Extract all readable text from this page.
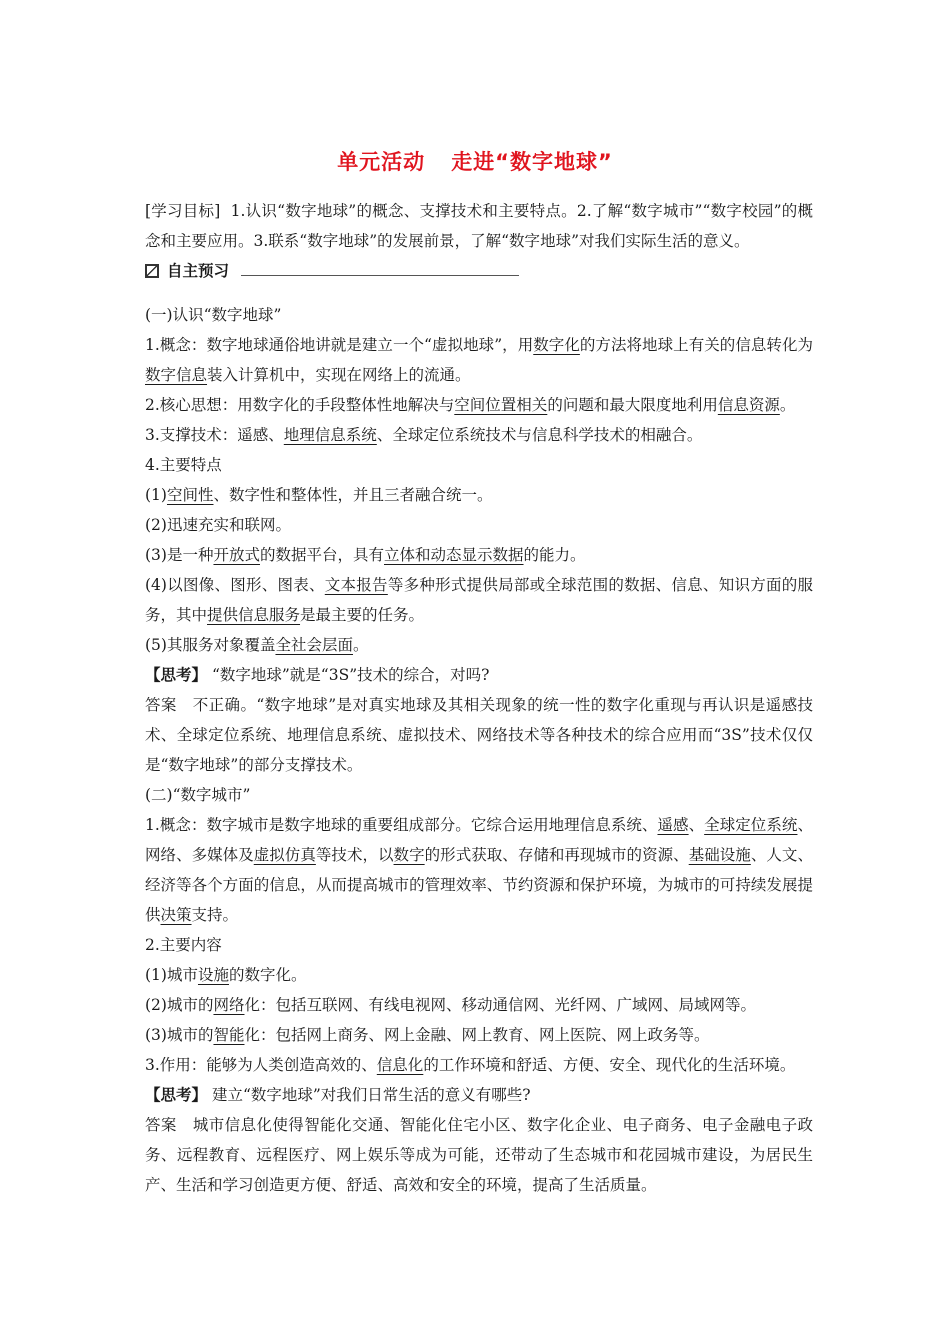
单元活动 走进“数字地球”

[学习目标] 1.认识“数字地球”的概念、支撑技术和主要特点。2.了解“数字城市”“数字校园”的概念和主要应用。3.联系“数字地球”的发展前景，了解“数字地球”对我们实际生活的意义。

自主预习

(一)认识“数字地球”

1.概念：数字地球通俗地讲就是建立一个“虚拟地球”，用数字化的方法将地球上有关的信息转化为数字信息装入计算机中，实现在网络上的流通。

2.核心思想：用数字化的手段整体性地解决与空间位置相关的问题和最大限度地利用信息资源。

3.支撑技术：遥感、地理信息系统、全球定位系统技术与信息科学技术的相融合。

4.主要特点

(1)空间性、数字性和整体性，并且三者融合统一。

(2)迅速充实和联网。

(3)是一种开放式的数据平台，具有立体和动态显示数据的能力。

(4)以图像、图形、图表、文本报告等多种形式提供局部或全球范围的数据、信息、知识方面的服务，其中提供信息服务是最主要的任务。

(5)其服务对象覆盖全社会层面。

【思考】 “数字地球”就是“3S”技术的综合，对吗?

答案 不正确。“数字地球”是对真实地球及其相关现象的统一性的数字化重现与再认识是遥感技术、全球定位系统、地理信息系统、虚拟技术、网络技术等各种技术的综合应用而“3S”技术仅仅是“数字地球”的部分支撑技术。

(二)“数字城市”

1.概念：数字城市是数字地球的重要组成部分。它综合运用地理信息系统、遥感、全球定位系统、网络、多媒体及虚拟仿真等技术，以数字的形式获取、存储和再现城市的资源、基础设施、人文、经济等各个方面的信息，从而提高城市的管理效率、节约资源和保护环境，为城市的可持续发展提供决策支持。

2.主要内容

(1)城市设施的数字化。

(2)城市的网络化：包括互联网、有线电视网、移动通信网、光纤网、广域网、局域网等。

(3)城市的智能化：包括网上商务、网上金融、网上教育、网上医院、网上政务等。

3.作用：能够为人类创造高效的、信息化的工作环境和舒适、方便、安全、现代化的生活环境。

【思考】 建立“数字地球”对我们日常生活的意义有哪些?

答案 城市信息化使得智能化交通、智能化住宅小区、数字化企业、电子商务、电子金融电子政务、远程教育、远程医疗、网上娱乐等成为可能，还带动了生态城市和花园城市建设，为居民生产、生活和学习创造更方便、舒适、高效和安全的环境，提高了生活质量。
